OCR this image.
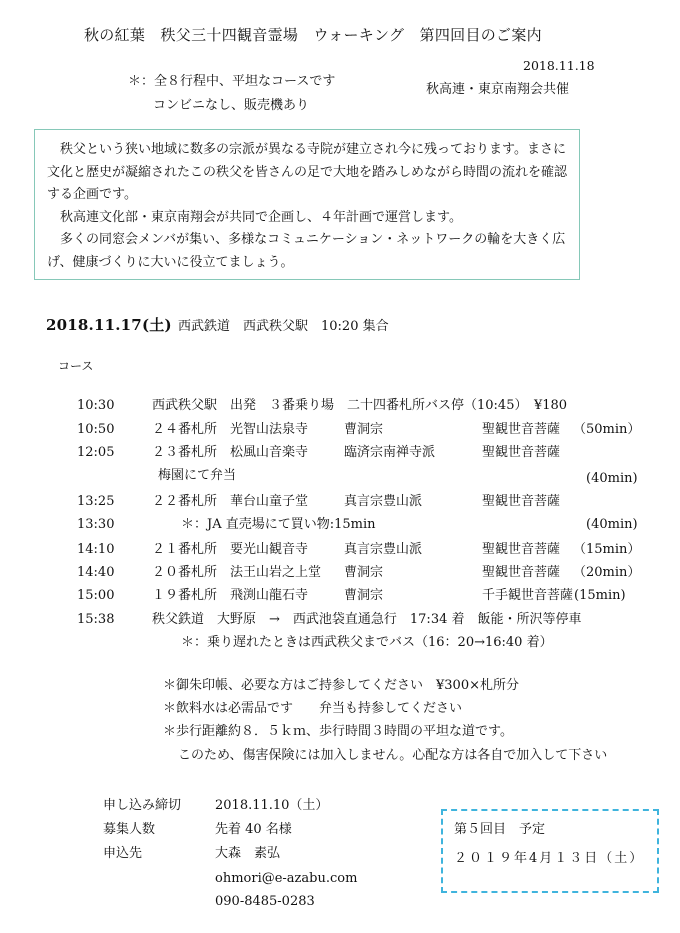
秋の紅葉　秩父三十四観音霊場　ウォーキング　第四回目のご案内
2018.11.18
＊：全８行程中、平坦なコースです
秋高連・東京南翔会共催
コンビニなし、販売機あり

秩父という狭い地域に数多の宗派が異なる寺院が建立され今に残っております。まさに文化と歴史が凝縮されたこの秩父を皆さんの足で大地を踏みしめながら時間の流れを確認する企画です。

秋高連文化部・東京南翔会が共同で企画し、４年計画で運営します。

多くの同窓会メンバが集い、多様なコミュニケーション・ネットワークの輪を大きく広げ、健康づくりに大いに役立てましょう。

2018.11.17(土) 西武鉄道　西武秩父駅　10:20 集合
コース
10:30	西武秩父駅　出発　３番乗り場　二十四番札所バス停（10:45）　¥180
10:50	２４番札所　光智山法泉寺	曹洞宗	聖観世音菩薩 （50min）
12:05	２３番札所　松風山音楽寺	臨済宗南禅寺派	聖観世音菩薩
梅園にて弁当	(40min)
13:25	２２番札所　華台山童子堂	真言宗豊山派	聖観世音菩薩
13:30	＊：JA 直売場にて買い物:15min	(40min)
14:10	２１番札所　要光山観音寺	真言宗豊山派	聖観世音菩薩 （15min）
14:40	２０番札所　法王山岩之上堂 曹洞宗	聖観世音菩薩 （20min）
15:00	１９番札所　飛渕山龍石寺	曹洞宗	千手観世音菩薩 (15min)
15:38	秩父鉄道　大野原　→　西武池袋直通急行　17:34 着　飯能・所沢等停車
＊：乗り遅れたときは西武秩父までバス（16：20→16:40 着）
＊御朱印帳、必要な方はご持参してください　¥300×札所分
＊飲料水は必需品です　　弁当も持参してください
＊歩行距離約８．５ｋｍ、歩行時間３時間の平坦な道です。
このため、傷害保険には加入しません。心配な方は各自で加入して下さい
申し込み締切	2018.11.10（土）
募集人数	先着 40 名様
申込先	大森　素弘
ohmori@e-azabu.com
090-8485-0283
第５回目　予定
２０１９年4月１３日（土）
